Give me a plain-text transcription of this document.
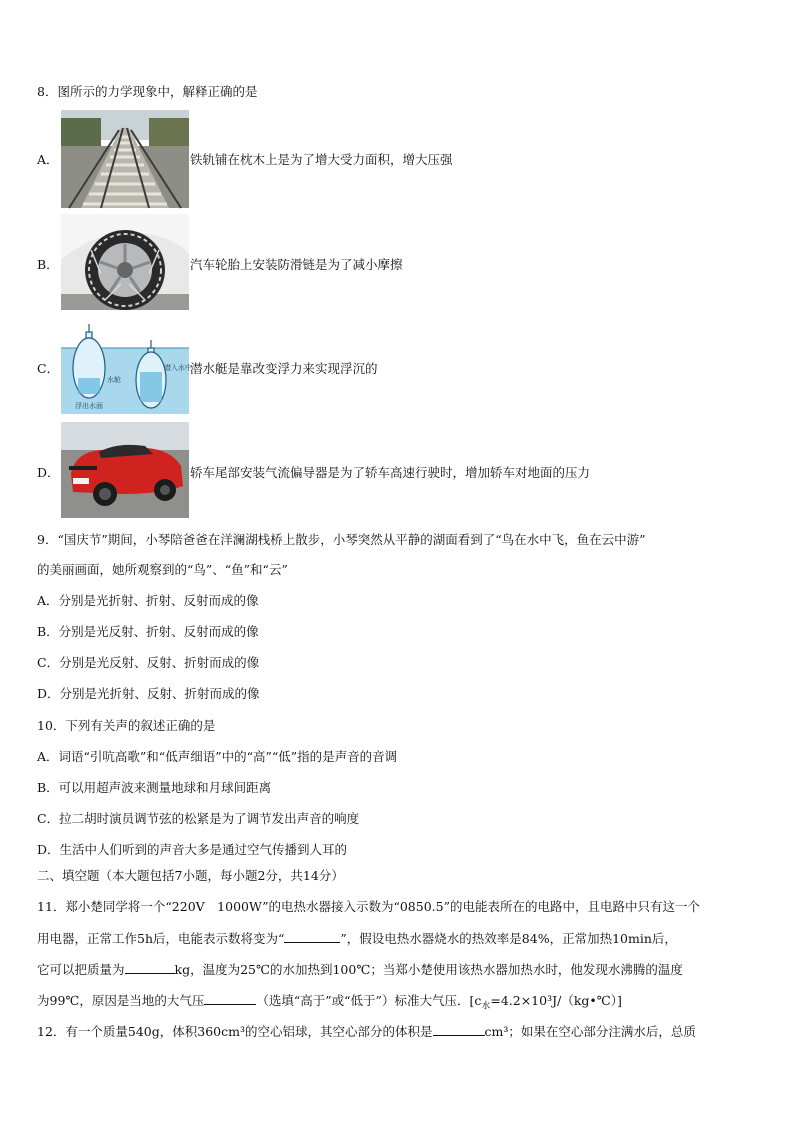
8．图所示的力学现象中，解释正确的是
A．	铁轨铺在枕木上是为了增大受力面积，增大压强
B．	汽车轮胎上安装防滑链是为了减小摩擦
潜入水中
水舱
浮出水面
C．	潜水艇是靠改变浮力来实现浮沉的
D．	轿车尾部安装气流偏导器是为了轿车高速行驶时，增加轿车对地面的压力
9．“国庆节”期间，小琴陪爸爸在洋澜湖栈桥上散步，小琴突然从平静的湖面看到了“鸟在水中飞，鱼在云中游”
的美丽画面，她所观察到的“鸟”、“鱼”和“云”
A．分别是光折射、折射、反射而成的像
B．分别是光反射、折射、反射而成的像
C．分别是光反射、反射、折射而成的像
D．分别是光折射、反射、折射而成的像
10．下列有关声的叙述正确的是
A．词语“引吭高歌”和“低声细语”中的“高”“低”指的是声音的音调
B．可以用超声波来测量地球和月球间距离
C．拉二胡时演员调节弦的松紧是为了调节发出声音的响度
D．生活中人们听到的声音大多是通过空气传播到人耳的
二、填空题（本大题包括7小题，每小题2分，共14分）
11．郑小楚同学将一个“220V　1000W”的电热水器接入示数为“0850.5”的电能表所在的电路中，且电路中只有这一个
用电器，正常工作5h后，电能表示数将变为“	”，假设电热水器烧水的热效率是84%，正常加热10min后，
它可以把质量为	kg，温度为25℃的水加热到100℃；当郑小楚使用该热水器加热水时，他发现水沸腾的温度
为99℃，原因是当地的大气压	（选填“高于”或“低于”）标准大气压．$[c_水=4.2\times 10^3J/(kg•℃)]$
12．有一个质量540g，体积360cm³的空心铝球，其空心部分的体积是	cm³；如果在空心部分注满水后，总质
